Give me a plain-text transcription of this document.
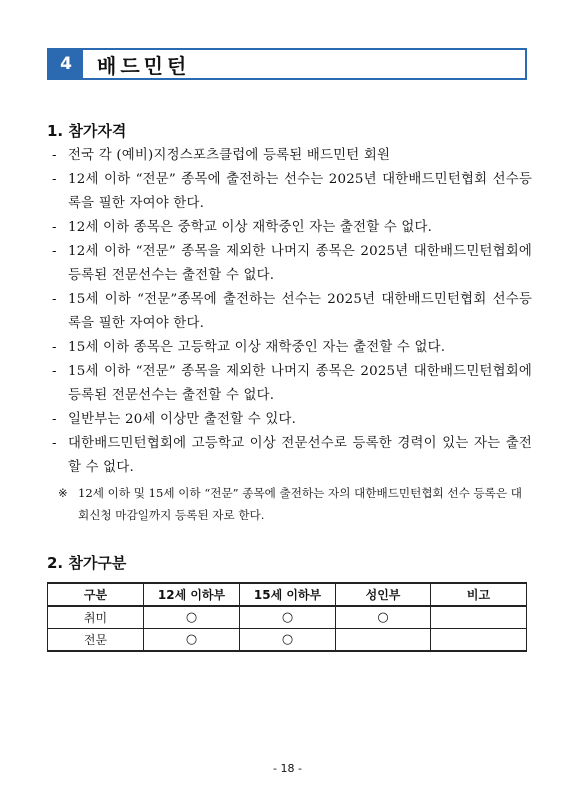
4	배드민턴
1. 참가자격
- 전국 각 (예비)지정스포츠클럽에 등록된 배드민턴 회원
- 12세 이하 “전문” 종목에 출전하는 선수는 2025년 대한배드민턴협회 선수등록을 필한 자여야 한다.
- 12세 이하 종목은 중학교 이상 재학중인 자는 출전할 수 없다.
- 12세 이하 “전문” 종목을 제외한 나머지 종목은 2025년 대한배드민턴협회에 등록된 전문선수는 출전할 수 없다.
- 15세 이하 “전문”종목에 출전하는 선수는 2025년 대한배드민턴협회 선수등록을 필한 자여야 한다.
- 15세 이하 종목은 고등학교 이상 재학중인 자는 출전할 수 없다.
- 15세 이하 “전문” 종목을 제외한 나머지 종목은 2025년 대한배드민턴협회에 등록된 전문선수는 출전할 수 없다.
- 일반부는 20세 이상만 출전할 수 있다.
- 대한배드민턴협회에 고등학교 이상 전문선수로 등록한 경력이 있는 자는 출전할 수 없다.
※ 12세 이하 및 15세 이하 “전문” 종목에 출전하는 자의 대한배드민턴협회 선수 등록은 대회신청 마감일까지 등록된 자로 한다.
2. 참가구분
구분	12세 이하부	15세 이하부	성인부	비고
취미	○	○	○	
전문	○	○		
- 18 -
